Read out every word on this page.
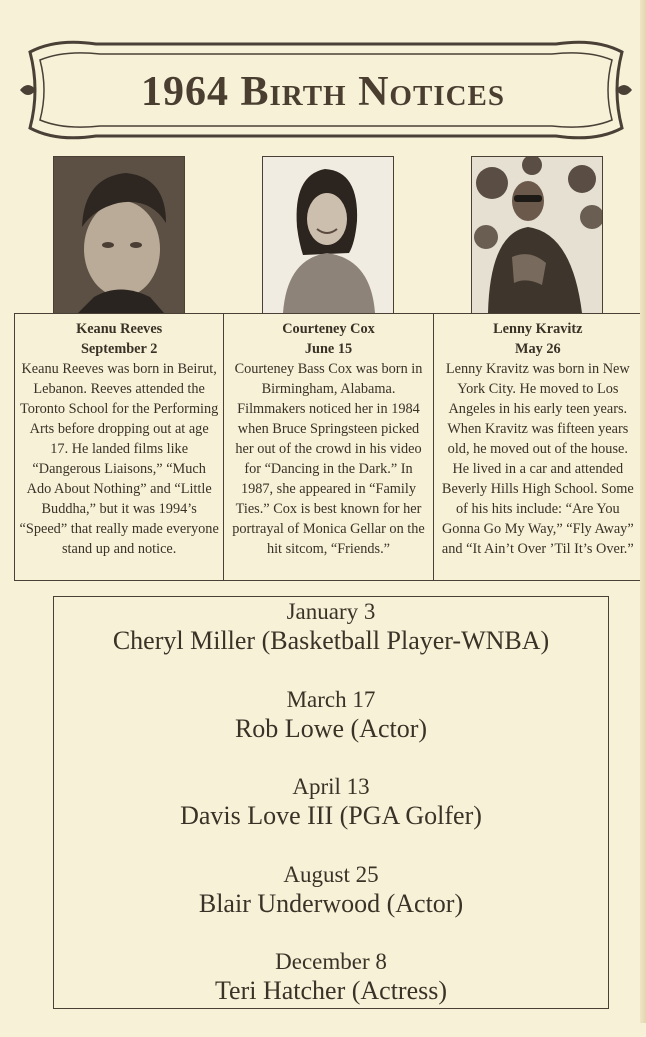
1964 Birth Notices
Keanu Reeves
September 2
Keanu Reeves was born in Beirut, Lebanon. Reeves attended the Toronto School for the Performing Arts before dropping out at age 17. He landed films like “Dangerous Liaisons,” “Much Ado About Nothing” and “Little Buddha,” but it was 1994’s “Speed” that really made everyone stand up and notice.
Courteney Cox
June 15
Courteney Bass Cox was born in Birmingham, Alabama. Filmmakers noticed her in 1984 when Bruce Springsteen picked her out of the crowd in his video for “Dancing in the Dark.” In 1987, she appeared in “Family Ties.” Cox is best known for her portrayal of Monica Gellar on the hit sitcom, “Friends.”
Lenny Kravitz
May 26
Lenny Kravitz was born in New York City. He moved to Los Angeles in his early teen years. When Kravitz was fifteen years old, he moved out of the house. He lived in a car and attended Beverly Hills High School. Some of his hits include: “Are You Gonna Go My Way,” “Fly Away” and “It Ain’t Over ’Til It’s Over.”
January 3
Cheryl Miller (Basketball Player-WNBA)
March 17
Rob Lowe (Actor)
April 13
Davis Love III (PGA Golfer)
August 25
Blair Underwood (Actor)
December 8
Teri Hatcher (Actress)
